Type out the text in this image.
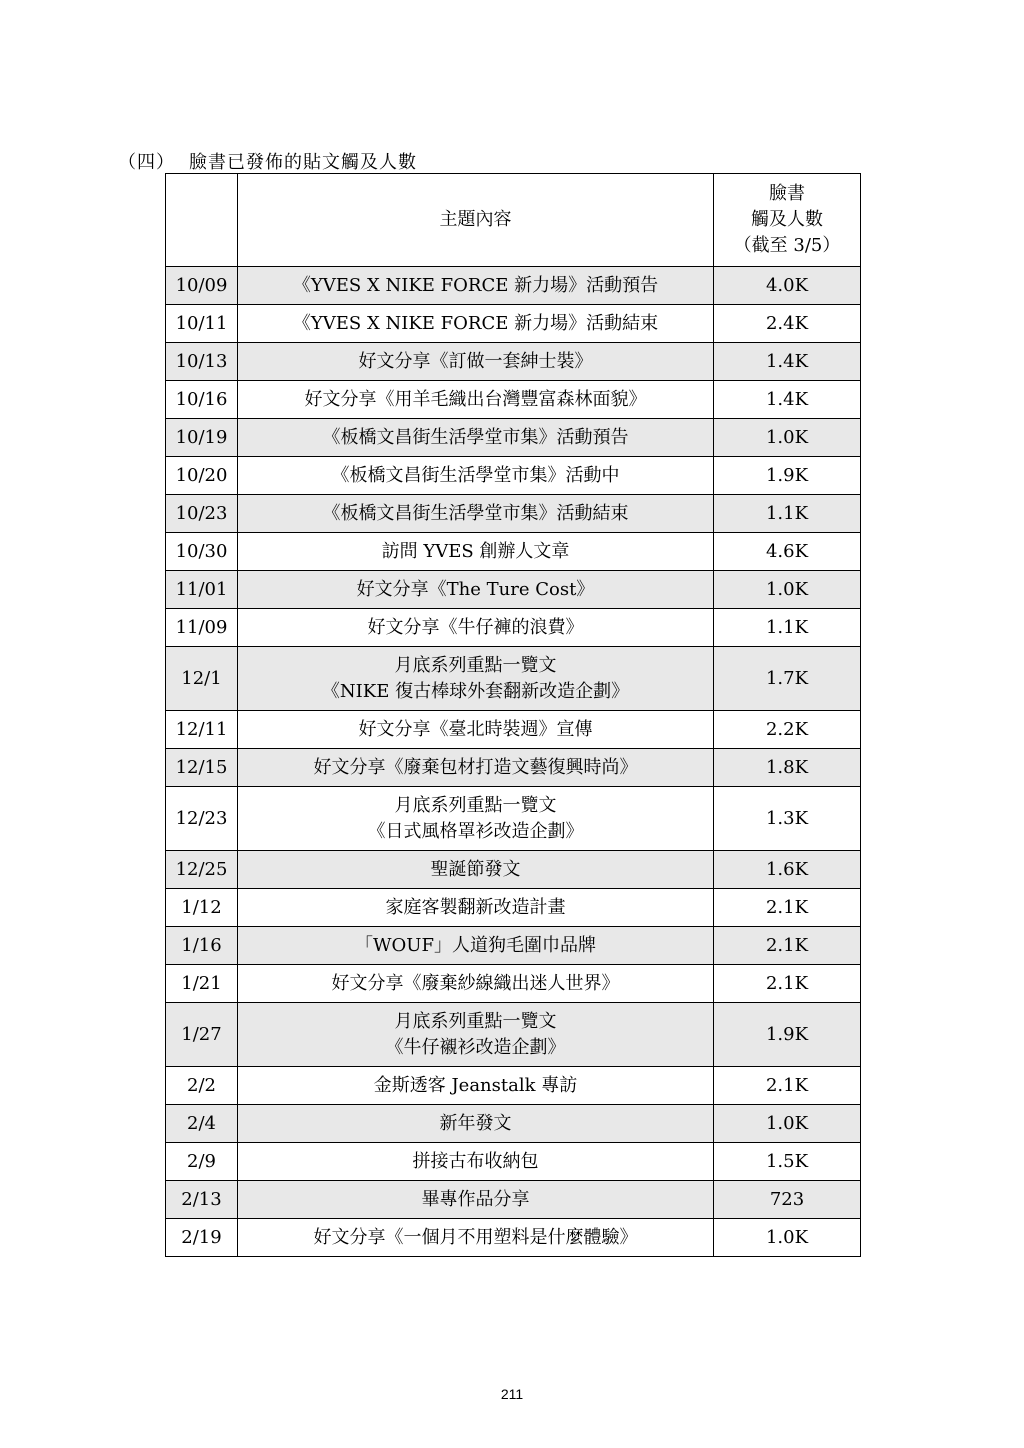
（四） 臉書已發佈的貼文觸及人數
	主題內容	臉書
觸及人數
（截至 3/5）

10/09	《YVES X NIKE FORCE 新力場》活動預告	4.0K
10/11	《YVES X NIKE FORCE 新力場》活動結束	2.4K
10/13	好文分享《訂做一套紳士裝》	1.4K
10/16	好文分享《用羊毛織出台灣豐富森林面貌》	1.4K
10/19	《板橋文昌街生活學堂市集》活動預告	1.0K
10/20	《板橋文昌街生活學堂市集》活動中	1.9K
10/23	《板橋文昌街生活學堂市集》活動結束	1.1K
10/30	訪問 YVES 創辦人文章	4.6K
11/01	好文分享《The Ture Cost》	1.0K
11/09	好文分享《牛仔褲的浪費》	1.1K
12/1	月底系列重點一覽文
《NIKE 復古棒球外套翻新改造企劃》	1.7K
12/11	好文分享《臺北時裝週》宣傳	2.2K
12/15	好文分享《廢棄包材打造文藝復興時尚》	1.8K
12/23	月底系列重點一覽文
《日式風格罩衫改造企劃》	1.3K
12/25	聖誕節發文	1.6K
1/12	家庭客製翻新改造計畫	2.1K
1/16	「WOUF」人道狗毛圍巾品牌	2.1K
1/21	好文分享《廢棄紗線織出迷人世界》	2.1K
1/27	月底系列重點一覽文
《牛仔襯衫改造企劃》	1.9K
2/2	金斯透客 Jeanstalk 專訪	2.1K
2/4	新年發文	1.0K
2/9	拼接古布收納包	1.5K
2/13	畢專作品分享	723
2/19	好文分享《一個月不用塑料是什麼體驗》	1.0K
211
